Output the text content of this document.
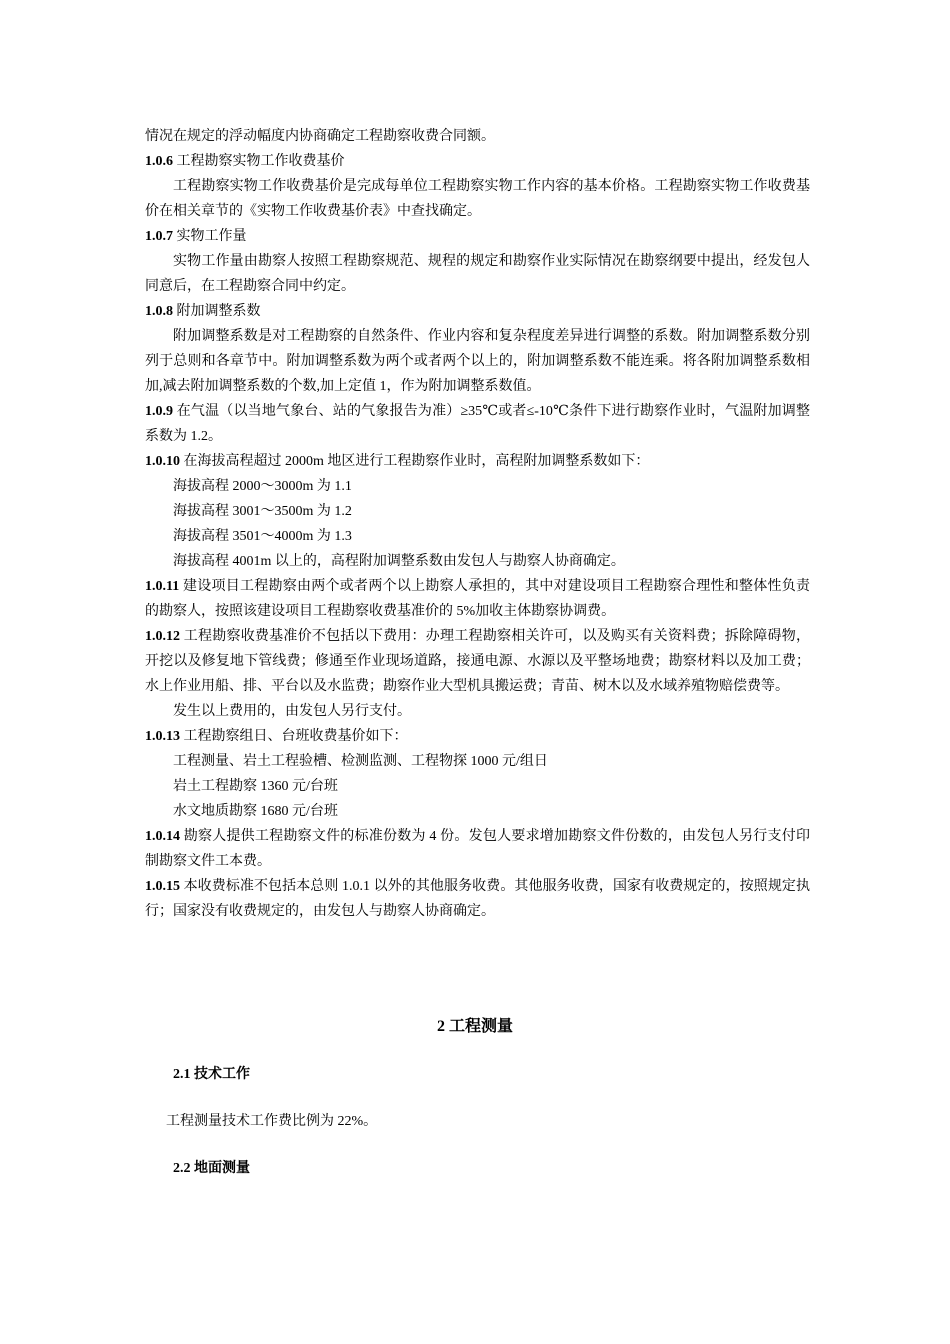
情况在规定的浮动幅度内协商确定工程勘察收费合同额。

1.0.6 工程勘察实物工作收费基价

工程勘察实物工作收费基价是完成每单位工程勘察实物工作内容的基本价格。工程勘察实物工作收费基价在相关章节的《实物工作收费基价表》中查找确定。

1.0.7 实物工作量

实物工作量由勘察人按照工程勘察规范、规程的规定和勘察作业实际情况在勘察纲要中提出，经发包人同意后，在工程勘察合同中约定。

1.0.8 附加调整系数

附加调整系数是对工程勘察的自然条件、作业内容和复杂程度差异进行调整的系数。附加调整系数分别列于总则和各章节中。附加调整系数为两个或者两个以上的，附加调整系数不能连乘。将各附加调整系数相加,减去附加调整系数的个数,加上定值 1，作为附加调整系数值。

1.0.9 在气温（以当地气象台、站的气象报告为准）≥35℃或者≤-10℃条件下进行勘察作业时，气温附加调整系数为 1.2。

1.0.10 在海拔高程超过 2000m 地区进行工程勘察作业时，高程附加调整系数如下：

海拔高程 2000～3000m 为 1.1

海拔高程 3001～3500m 为 1.2

海拔高程 3501～4000m 为 1.3

海拔高程 4001m 以上的，高程附加调整系数由发包人与勘察人协商确定。

1.0.11 建设项目工程勘察由两个或者两个以上勘察人承担的，其中对建设项目工程勘察合理性和整体性负责的勘察人，按照该建设项目工程勘察收费基准价的 5%加收主体勘察协调费。

1.0.12 工程勘察收费基准价不包括以下费用：办理工程勘察相关许可，以及购买有关资料费；拆除障碍物，开挖以及修复地下管线费；修通至作业现场道路，接通电源、水源以及平整场地费；勘察材料以及加工费；水上作业用船、排、平台以及水监费；勘察作业大型机具搬运费；青苗、树木以及水域养殖物赔偿费等。

发生以上费用的，由发包人另行支付。

1.0.13 工程勘察组日、台班收费基价如下：

工程测量、岩土工程验槽、检测监测、工程物探 1000 元/组日

岩土工程勘察 1360 元/台班

水文地质勘察 1680 元/台班

1.0.14 勘察人提供工程勘察文件的标准份数为 4 份。发包人要求增加勘察文件份数的，由发包人另行支付印制勘察文件工本费。

1.0.15 本收费标准不包括本总则 1.0.1 以外的其他服务收费。其他服务收费，国家有收费规定的，按照规定执行；国家没有收费规定的，由发包人与勘察人协商确定。

2 工程测量
2.1 技术工作
工程测量技术工作费比例为 22%。
2.2 地面测量
